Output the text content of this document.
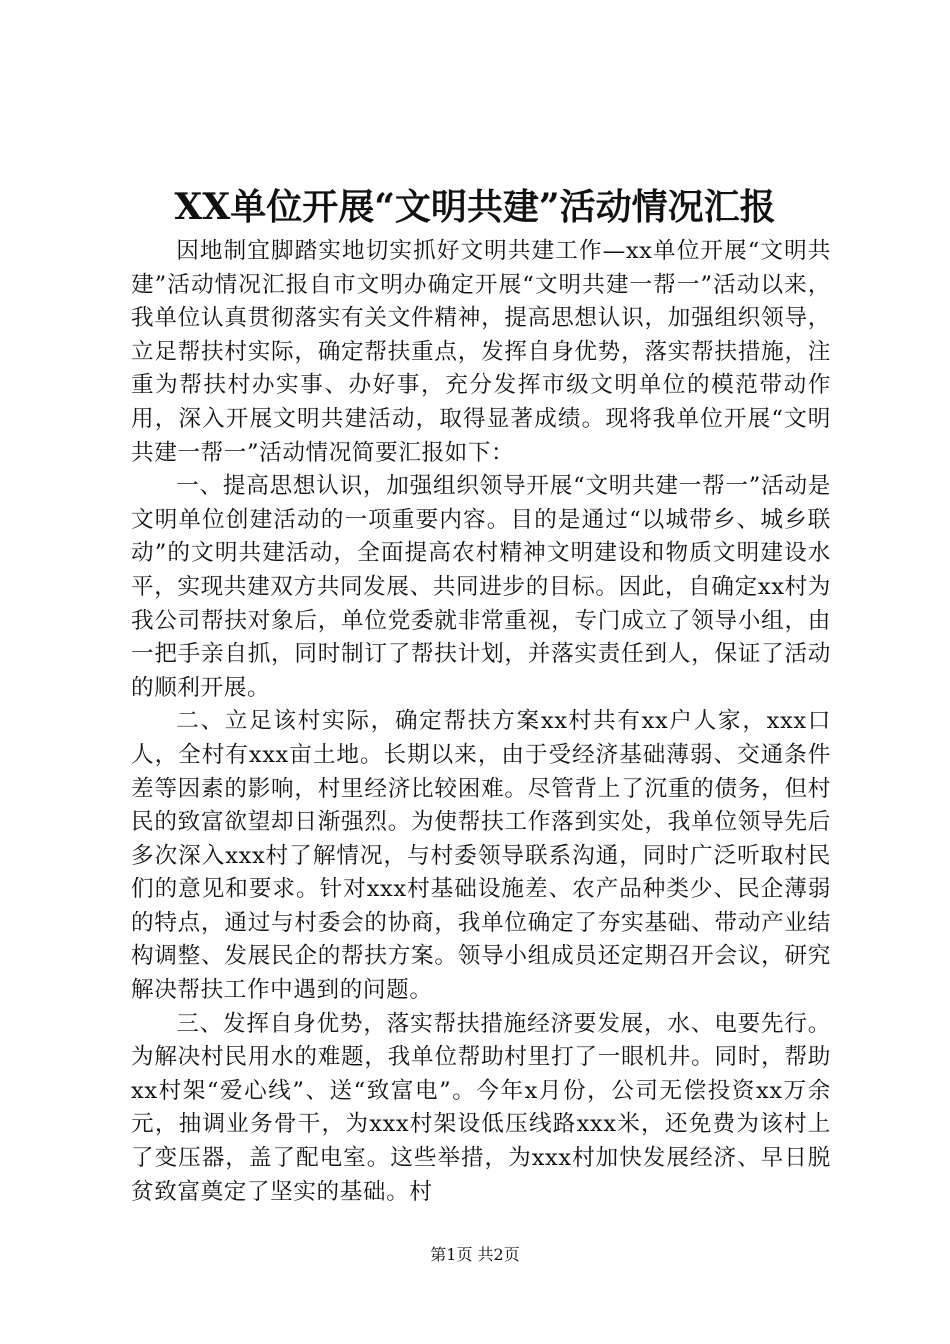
XX单位开展“文明共建”活动情况汇报

因地制宜脚踏实地切实抓好文明共建工作—xx单位开展“文明共建”活动情况汇报自市文明办确定开展“文明共建一帮一”活动以来，我单位认真贯彻落实有关文件精神，提高思想认识，加强组织领导，立足帮扶村实际，确定帮扶重点，发挥自身优势，落实帮扶措施，注重为帮扶村办实事、办好事，充分发挥市级文明单位的模范带动作用，深入开展文明共建活动，取得显著成绩。现将我单位开展“文明共建一帮一”活动情况简要汇报如下：

一、提高思想认识，加强组织领导开展“文明共建一帮一”活动是文明单位创建活动的一项重要内容。目的是通过“以城带乡、城乡联动”的文明共建活动，全面提高农村精神文明建设和物质文明建设水平，实现共建双方共同发展、共同进步的目标。因此，自确定xx村为我公司帮扶对象后，单位党委就非常重视，专门成立了领导小组，由一把手亲自抓，同时制订了帮扶计划，并落实责任到人，保证了活动的顺利开展。

二、立足该村实际，确定帮扶方案xx村共有xx户人家，xxx口人，全村有xxx亩土地。长期以来，由于受经济基础薄弱、交通条件差等因素的影响，村里经济比较困难。尽管背上了沉重的债务，但村民的致富欲望却日渐强烈。为使帮扶工作落到实处，我单位领导先后多次深入xxx村了解情况，与村委领导联系沟通，同时广泛听取村民们的意见和要求。针对xxx村基础设施差、农产品种类少、民企薄弱的特点，通过与村委会的协商，我单位确定了夯实基础、带动产业结构调整、发展民企的帮扶方案。领导小组成员还定期召开会议，研究解决帮扶工作中遇到的问题。

三、发挥自身优势，落实帮扶措施经济要发展，水、电要先行。为解决村民用水的难题，我单位帮助村里打了一眼机井。同时，帮助xx村架“爱心线”、送“致富电”。今年x月份，公司无偿投资xx万余元，抽调业务骨干，为xxx村架设低压线路xxx米，还免费为该村上了变压器，盖了配电室。这些举措，为xxx村加快发展经济、早日脱贫致富奠定了坚实的基础。村

第1页 共2页
